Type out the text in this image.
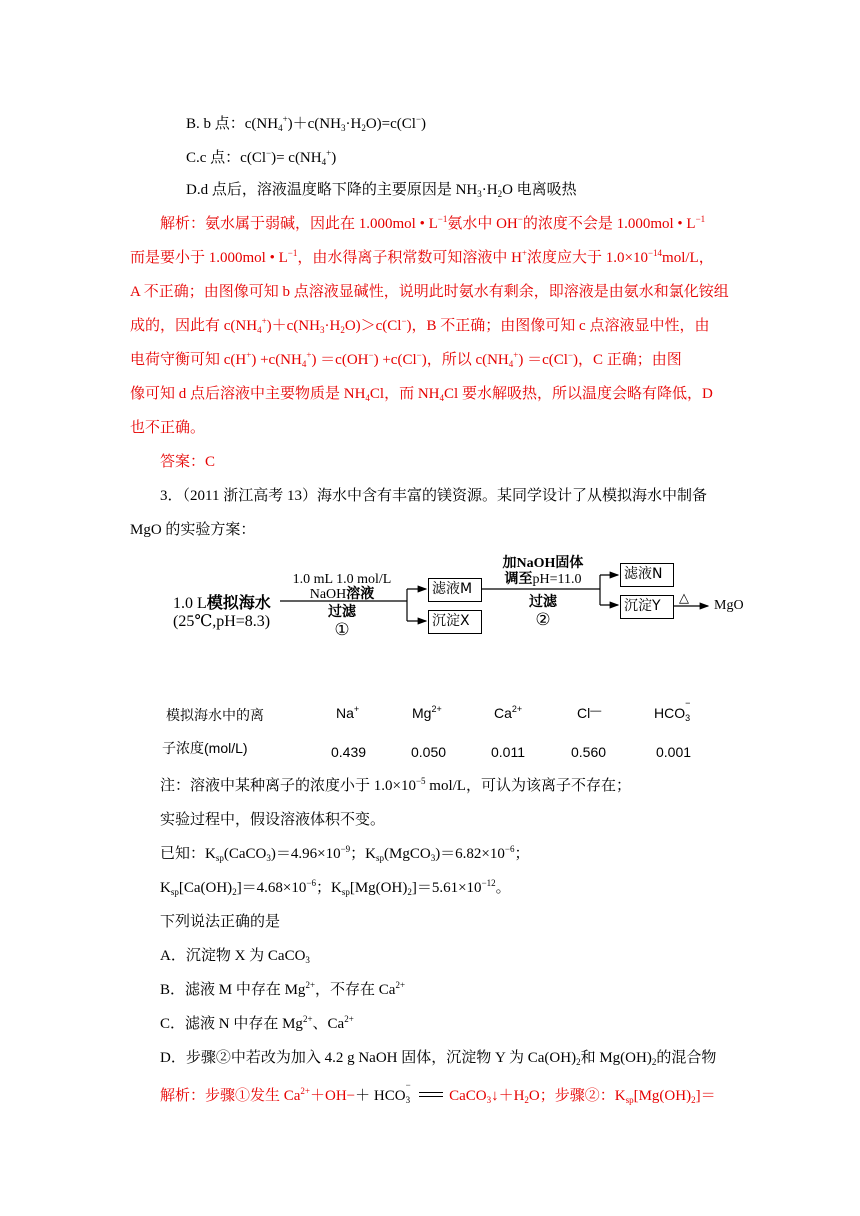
B. b 点：$c(NH_4^+)+c(NH_3\cdot H_2O)=c(Cl^-)$
C.c 点：$c(Cl^-)= c(NH_4^+)$
D.d 点后，溶液温度略下降的主要原因是 $NH_3\cdot H_2O$ 电离吸热
解析：氨水属于弱碱，因此在 1.000mol • $L^{-1}$氨水中 OH−的浓度不会是 1.000mol • $L^{-1}$
而是要小于 1.000mol • $L^{-1}$，由水得离子积常数可知溶液中 H+浓度应大于 $1.0\times 10^{-14}mol/L$，
A 不正确；由图像可知 b 点溶液显碱性，说明此时氨水有剩余，即溶液是由氨水和氯化铵组
成的，因此有 $c(NH_4^+)+c(NH_3\cdot H_2O)>c(Cl^-)$，B 不正确；由图像可知 c 点溶液显中性，由
电荷守衡可知 $c(H^+) +c(NH_4^+) =c(OH^-) +c(Cl^-)$，所以 $c(NH_4^+) =c(Cl^-)$，C 正确；由图
像可知 d 点后溶液中主要物质是 $NH_4Cl$，而 $NH_4Cl$ 要水解吸热，所以温度会略有降低，D
也不正确。
答案：C
3．（2011 浙江高考 13）海水中含有丰富的镁资源。某同学设计了从模拟海水中制备
MgO 的实验方案：
1.0 L模拟海水
(25℃,pH=8.3)
1.0 mL 1.0 mol/L
NaOH溶液
过滤
①
滤液M
沉淀X
加NaOH固体
调至pH=11.0
过滤
②
滤液N
沉淀Y
△
MgO
模拟海水中的离
子浓度(mol/L)
Na+	$Mg^{2+}$	$Ca^{2+}$	Cl—	HCO
−
3
0.439	0.050	0.011	0.560	0.001
注：溶液中某种离子的浓度小于 $1.0\times 10^{-5}$ mol/L，可认为该离子不存在；
实验过程中，假设溶液体积不变。
已知：$K_{sp}(CaCO_3)=4.96\times 10^{-9}$；$K_{sp}(MgCO_3)=6.82\times 10^{-6}$；
$K_{sp}[Ca(OH)_2]=4.68\times 10^{-6}$；$K_{sp}[Mg(OH)_2]=5.61\times 10^{-12}$。
下列说法正确的是
A．沉淀物 X 为 CaCO$_3$
B．滤液 M 中存在 $Mg^{2+}$，不存在 $Ca^{2+}$
C．滤液 N 中存在 $Mg^{2+}$、$Ca^{2+}$
D．步骤②中若改为加入 4.2 g NaOH 固体，沉淀物 Y 为 $Ca(OH)_2$和 $Mg(OH)_2$的混合物
解析：步骤①发生 $Ca^{2+}+OH-+$ HCO
−
3	$CaCO_3↓+H_2O$；步骤②：$K_{sp}[Mg(OH)_2]=$
